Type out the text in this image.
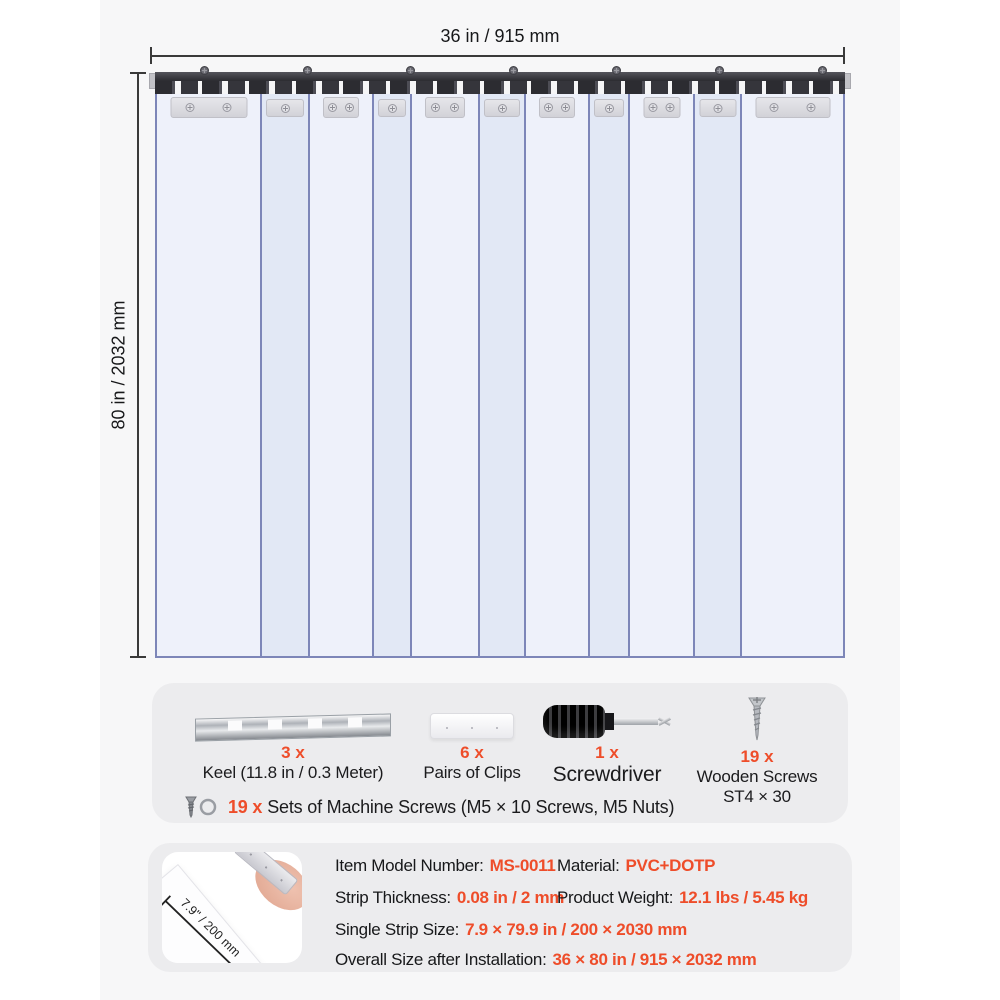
36 in / 915 mm
80 in / 2032 mm
3 x
Keel (11.8 in / 0.3 Meter)
6 x
Pairs of Clips
1 x
Screwdriver
19 x
Wooden Screws
ST4 × 30
19 x Sets of Machine Screws (M5 × 10 Screws, M5 Nuts)
7.9" / 200 mm
Item Model Number: MS-0011 Material: PVC+DOTP
Strip Thickness: 0.08 in / 2 mm
Product Weight: 12.1 lbs / 5.45 kg
Single Strip Size: 7.9 × 79.9 in / 200 × 2030 mm
Overall Size after Installation: 36 × 80 in / 915 × 2032 mm
